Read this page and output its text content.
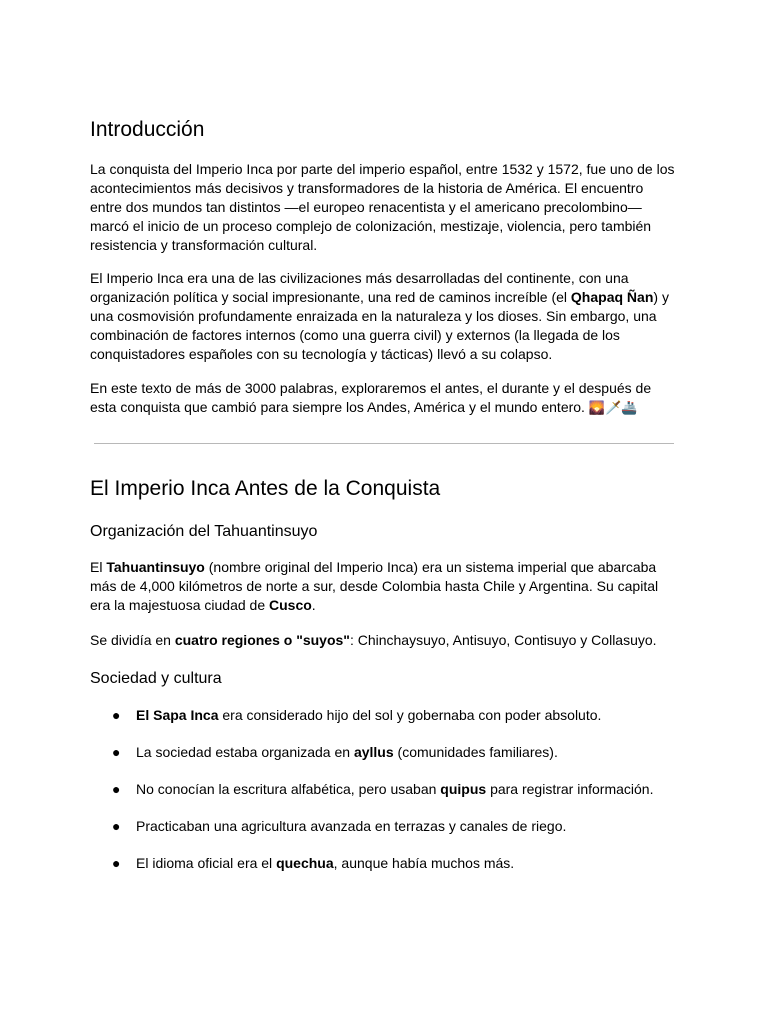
Introducción

La conquista del Imperio Inca por parte del imperio español, entre 1532 y 1572, fue uno de los acontecimientos más decisivos y transformadores de la historia de América. El encuentro entre dos mundos tan distintos —el europeo renacentista y el americano precolombino— marcó el inicio de un proceso complejo de colonización, mestizaje, violencia, pero también resistencia y transformación cultural.

El Imperio Inca era una de las civilizaciones más desarrolladas del continente, con una organización política y social impresionante, una red de caminos increíble (el Qhapaq Ñan) y una cosmovisión profundamente enraizada en la naturaleza y los dioses. Sin embargo, una combinación de factores internos (como una guerra civil) y externos (la llegada de los conquistadores españoles con su tecnología y tácticas) llevó a su colapso.

En este texto de más de 3000 palabras, exploraremos el antes, el durante y el después de esta conquista que cambió para siempre los Andes, América y el mundo entero. 🌄🗡️🚢

El Imperio Inca Antes de la Conquista
Organización del Tahuantinsuyo

El Tahuantinsuyo (nombre original del Imperio Inca) era un sistema imperial que abarcaba más de 4,000 kilómetros de norte a sur, desde Colombia hasta Chile y Argentina. Su capital era la majestuosa ciudad de Cusco.

Se dividía en cuatro regiones o "suyos": Chinchaysuyo, Antisuyo, Contisuyo y Collasuyo.

Sociedad y cultura
● El Sapa Inca era considerado hijo del sol y gobernaba con poder absoluto.
● La sociedad estaba organizada en ayllus (comunidades familiares).
● No conocían la escritura alfabética, pero usaban quipus para registrar información.
● Practicaban una agricultura avanzada en terrazas y canales de riego.
● El idioma oficial era el quechua, aunque había muchos más.
